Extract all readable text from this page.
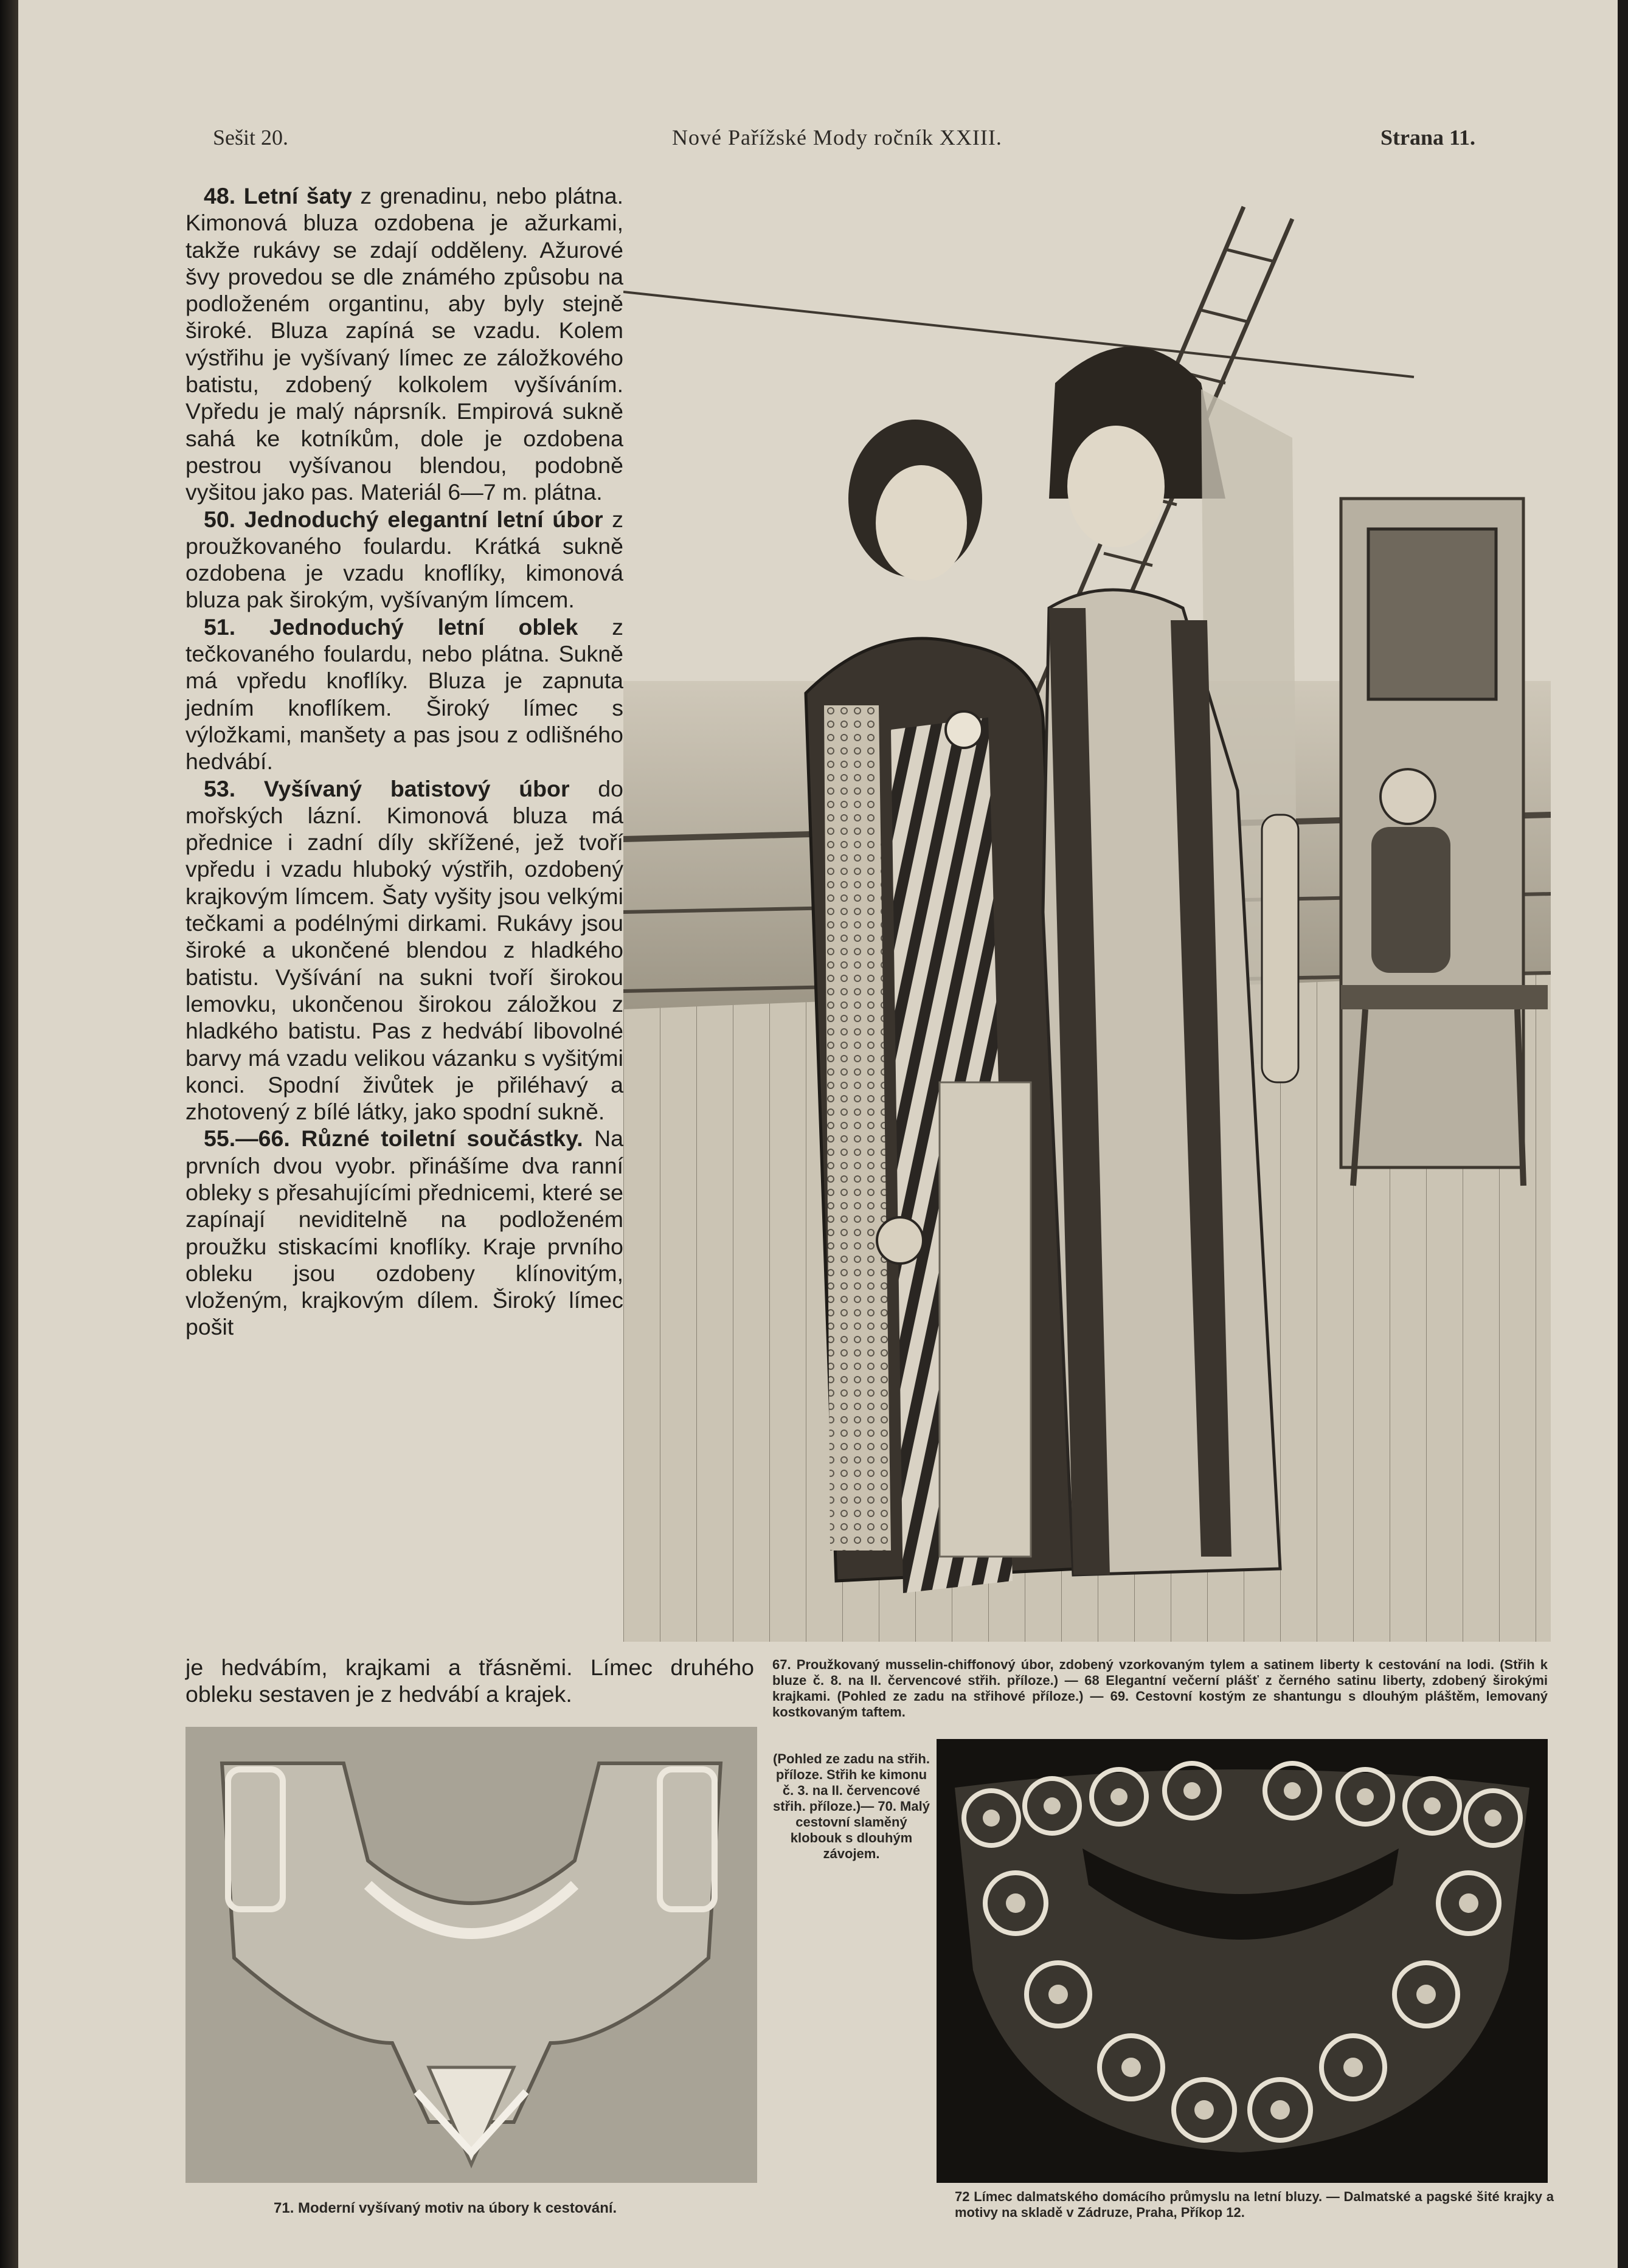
Sešit 20.	Nové Pařížské Mody ročník XXIII.	Strana 11.

48. Letní šaty z grenadinu, nebo plátna. Kimonová bluza ozdobena je ažurkami, takže rukávy se zdají odděleny. Ažurové švy provedou se dle známého způsobu na podloženém organtinu, aby byly stejně široké. Bluza zapíná se vzadu. Kolem výstřihu je vyšívaný límec ze záložkového batistu, zdobený kolkolem vyšíváním. Vpředu je malý náprsník. Empirová sukně sahá ke kotníkům, dole je ozdobena pestrou vyšívanou blendou, podobně vyšitou jako pas. Materiál 6—7 m. plátna.

50. Jednoduchý elegantní letní úbor z proužkovaného foulardu. Krátká sukně ozdobena je vzadu knoflíky, kimonová bluza pak širokým, vyšívaným límcem.

51. Jednoduchý letní oblek z tečkovaného foulardu, nebo plátna. Sukně má vpředu knoflíky. Bluza je zapnuta jedním knoflíkem. Široký límec s výložkami, manšety a pas jsou z odlišného hedvábí.

53. Vyšívaný batistový úbor do mořských lázní. Kimonová bluza má přednice i zadní díly skřížené, jež tvoří vpředu i vzadu hluboký výstřih, ozdobený krajkovým límcem. Šaty vyšity jsou velkými tečkami a podélnými dirkami. Rukávy jsou široké a ukončené blendou z hladkého batistu. Vyšívání na sukni tvoří širokou lemovku, ukončenou širokou záložkou z hladkého batistu. Pas z hedvábí libovolné barvy má vzadu velikou vázanku s vyšitými konci. Spodní živůtek je přiléhavý a zhotovený z bílé látky, jako spodní sukně.

55.—66. Různé toiletní součástky. Na prvních dvou vyobr. přinášíme dva ranní obleky s přesahujícími přednicemi, které se zapínají neviditelně na podloženém proužku stiskacími knoflíky. Kraje prvního obleku jsou ozdobeny klínovitým, vloženým, krajkovým dílem. Široký límec pošit

je hedvábím, krajkami a třásněmi. Límec druhého obleku sestaven je z hedvábí a krajek.
67. Proužkovaný musselin-chiffonový úbor, zdobený vzorkovaným tylem a satinem liberty k cestování na lodi. (Střih k bluze č. 8. na II. červencové střih. příloze.) — 68 Elegantní večerní plášť z černého satinu liberty, zdobený širokými krajkami. (Pohled ze zadu na střihové příloze.) — 69. Cestovní kostým ze shantungu s dlouhým pláštěm, lemovaný kostkovaným taftem.
(Pohled ze zadu na střih. příloze. Střih ke kimonu č. 3. na II. červencové střih. příloze.)— 70. Malý cestovní slaměný klobouk s dlouhým závojem.
71. Moderní vyšívaný motiv na úbory k cestování.
72 Límec dalmatského domácího průmyslu na letní bluzy. — Dalmatské a pagské šité krajky a motivy na skladě v Zádruze, Praha, Příkop 12.
